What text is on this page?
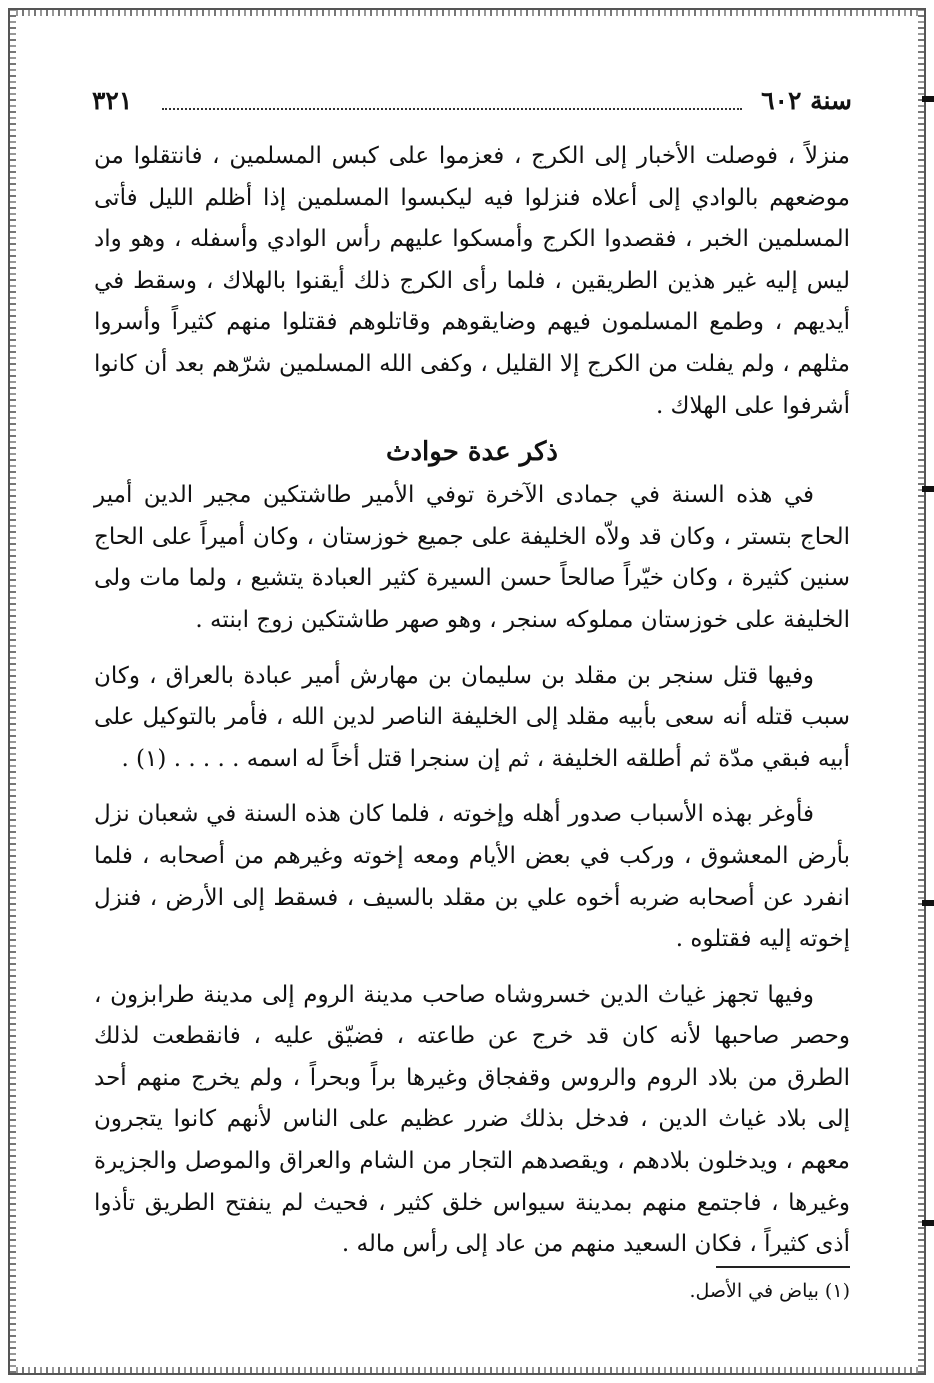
سنة ٦٠٢
٣٢١

منزلاً ، فوصلت الأخبار إلى الكرج ، فعزموا على كبس المسلمين ، فانتقلوا من موضعهم بالوادي إلى أعلاه فنزلوا فيه ليكبسوا المسلمين إذا أظلم الليل فأتى المسلمين الخبر ، فقصدوا الكرج وأمسكوا عليهم رأس الوادي وأسفله ، وهو واد ليس إليه غير هذين الطريقين ، فلما رأى الكرج ذلك أيقنوا بالهلاك ، وسقط في أيديهم ، وطمع المسلمون فيهم وضايقوهم وقاتلوهم فقتلوا منهم كثيراً وأسروا مثلهم ، ولم يفلت من الكرج إلا القليل ، وكفى الله المسلمين شرّهم بعد أن كانوا أشرفوا على الهلاك .

ذكر عدة حوادث

في هذه السنة في جمادى الآخرة توفي الأمير طاشتكين مجير الدين أمير الحاج بتستر ، وكان قد ولاّه الخليفة على جميع خوزستان ، وكان أميراً على الحاج سنين كثيرة ، وكان خيّراً صالحاً حسن السيرة كثير العبادة يتشيع ، ولما مات ولى الخليفة على خوزستان مملوكه سنجر ، وهو صهر طاشتكين زوج ابنته .

وفيها قتل سنجر بن مقلد بن سليمان بن مهارش أمير عبادة بالعراق ، وكان سبب قتله أنه سعى بأبيه مقلد إلى الخليفة الناصر لدين الله ، فأمر بالتوكيل على أبيه فبقي مدّة ثم أطلقه الخليفة ، ثم إن سنجرا قتل أخاً له اسمه . . . . . (١) .

فأوغر بهذه الأسباب صدور أهله وإخوته ، فلما كان هذه السنة في شعبان نزل بأرض المعشوق ، وركب في بعض الأيام ومعه إخوته وغيرهم من أصحابه ، فلما انفرد عن أصحابه ضربه أخوه علي بن مقلد بالسيف ، فسقط إلى الأرض ، فنزل إخوته إليه فقتلوه .

وفيها تجهز غياث الدين خسروشاه صاحب مدينة الروم إلى مدينة طرابزون ، وحصر صاحبها لأنه كان قد خرج عن طاعته ، فضيّق عليه ، فانقطعت لذلك الطرق من بلاد الروم والروس وقفجاق وغيرها براً وبحراً ، ولم يخرج منهم أحد إلى بلاد غياث الدين ، فدخل بذلك ضرر عظيم على الناس لأنهم كانوا يتجرون معهم ، ويدخلون بلادهم ، ويقصدهم التجار من الشام والعراق والموصل والجزيرة وغيرها ، فاجتمع منهم بمدينة سيواس خلق كثير ، فحيث لم ينفتح الطريق تأذوا أذى كثيراً ، فكان السعيد منهم من عاد إلى رأس ماله .

(١) بياض في الأصل.
